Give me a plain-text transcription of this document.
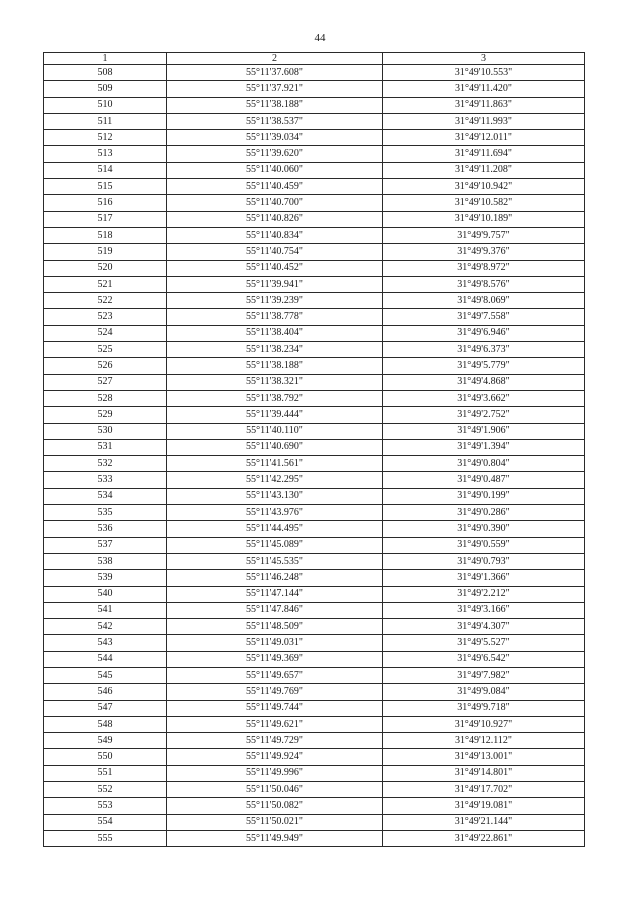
44
1	2	3
508	55°11'37.608"	31°49'10.553"
509	55°11'37.921"	31°49'11.420"
510	55°11'38.188"	31°49'11.863"
511	55°11'38.537"	31°49'11.993"
512	55°11'39.034"	31°49'12.011"
513	55°11'39.620"	31°49'11.694"
514	55°11'40.060"	31°49'11.208"
515	55°11'40.459"	31°49'10.942"
516	55°11'40.700"	31°49'10.582"
517	55°11'40.826"	31°49'10.189"
518	55°11'40.834"	31°49'9.757"
519	55°11'40.754"	31°49'9.376"
520	55°11'40.452"	31°49'8.972"
521	55°11'39.941"	31°49'8.576"
522	55°11'39.239"	31°49'8.069"
523	55°11'38.778"	31°49'7.558"
524	55°11'38.404"	31°49'6.946"
525	55°11'38.234"	31°49'6.373"
526	55°11'38.188"	31°49'5.779"
527	55°11'38.321"	31°49'4.868"
528	55°11'38.792"	31°49'3.662"
529	55°11'39.444"	31°49'2.752"
530	55°11'40.110"	31°49'1.906"
531	55°11'40.690"	31°49'1.394"
532	55°11'41.561"	31°49'0.804"
533	55°11'42.295"	31°49'0.487"
534	55°11'43.130"	31°49'0.199"
535	55°11'43.976"	31°49'0.286"
536	55°11'44.495"	31°49'0.390"
537	55°11'45.089"	31°49'0.559"
538	55°11'45.535"	31°49'0.793"
539	55°11'46.248"	31°49'1.366"
540	55°11'47.144"	31°49'2.212"
541	55°11'47.846"	31°49'3.166"
542	55°11'48.509"	31°49'4.307"
543	55°11'49.031"	31°49'5.527"
544	55°11'49.369"	31°49'6.542"
545	55°11'49.657"	31°49'7.982"
546	55°11'49.769"	31°49'9.084"
547	55°11'49.744"	31°49'9.718"
548	55°11'49.621"	31°49'10.927"
549	55°11'49.729"	31°49'12.112"
550	55°11'49.924"	31°49'13.001"
551	55°11'49.996"	31°49'14.801"
552	55°11'50.046"	31°49'17.702"
553	55°11'50.082"	31°49'19.081"
554	55°11'50.021"	31°49'21.144"
555	55°11'49.949"	31°49'22.861"
